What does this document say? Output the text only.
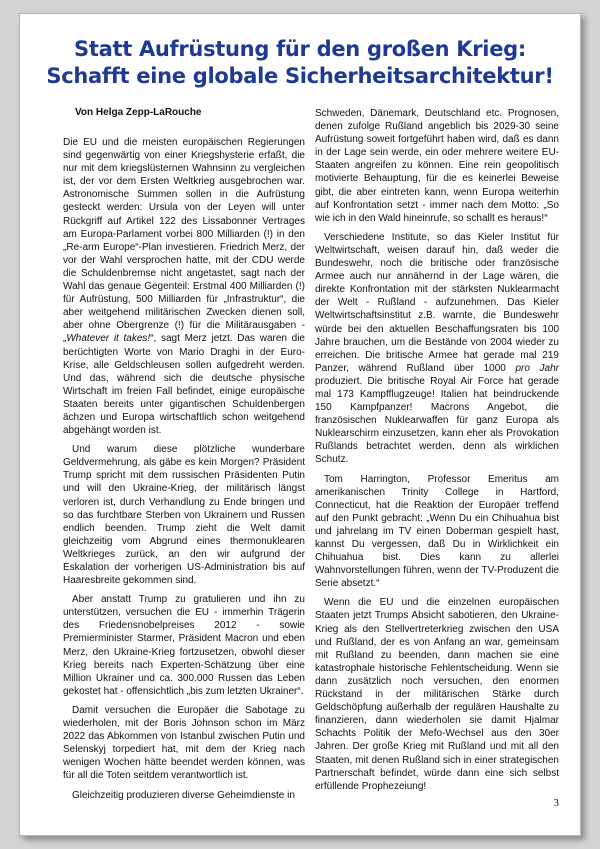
Statt Aufrüstung für den großen Krieg:
Schafft eine globale Sicherheitsarchitektur!

Von Helga Zepp-LaRouche

Die EU und die meisten europäischen Regierungen sind gegenwärtig von einer Kriegshysterie erfaßt, die nur mit dem kriegslüsternen Wahnsinn zu vergleichen ist, der vor dem Ersten Weltkrieg ausgebrochen war. Astronomische Summen sollen in die Aufrüstung gesteckt werden: Ursula von der Leyen will unter Rückgriff auf Artikel 122 des Lissabonner Vertrages am Europa-Parlament vorbei 800 Milliarden (!) in den „Re-arm Europe“-Plan investieren. Friedrich Merz, der vor der Wahl versprochen hatte, mit der CDU werde die Schuldenbremse nicht angetastet, sagt nach der Wahl das genaue Gegenteil: Erstmal 400 Milliarden (!) für Aufrüstung, 500 Milliarden für „Infrastruktur“, die aber weitgehend militärischen Zwecken dienen soll, aber ohne Obergrenze (!) für die Militärausgaben - „Whatever it takes!“, sagt Merz jetzt. Das waren die berüchtigten Worte von Mario Draghi in der Euro-Krise, alle Geldschleusen sollen aufgedreht werden. Und das, während sich die deutsche physische Wirtschaft im freien Fall befindet, einige europäische Staaten bereits unter gigantischen Schuldenbergen ächzen und Europa wirtschaftlich schon weitgehend abgehängt worden ist.

Und warum diese plötzliche wunderbare Geldvermehrung, als gäbe es kein Morgen? Präsident Trump spricht mit dem russischen Präsidenten Putin und will den Ukraine-Krieg, der militärisch längst verloren ist, durch Verhandlung zu Ende bringen und so das furchtbare Sterben von Ukrainern und Russen endlich beenden. Trump zieht die Welt damit gleichzeitig vom Abgrund eines thermonuklearen Weltkrieges zurück, an den wir aufgrund der Eskalation der vorherigen US-Administration bis auf Haaresbreite gekommen sind.

Aber anstatt Trump zu gratulieren und ihn zu unterstützen, versuchen die EU - immerhin Trägerin des Friedensnobelpreises 2012 - sowie Premierminister Starmer, Präsident Macron und eben Merz, den Ukraine-Krieg fortzusetzen, obwohl dieser Krieg bereits nach Experten-Schätzung über eine Million Ukrainer und ca. 300.000 Russen das Leben gekostet hat - offensichtlich „bis zum letzten Ukrainer“.

Damit versuchen die Europäer die Sabotage zu wiederholen, mit der Boris Johnson schon im März 2022 das Abkommen von Istanbul zwischen Putin und Selenskyj torpediert hat, mit dem der Krieg nach wenigen Wochen hätte beendet werden können, was für all die Toten seitdem verantwortlich ist.

Gleichzeitig produzieren diverse Geheimdienste in

Schweden, Dänemark, Deutschland etc. Prognosen, denen zufolge Rußland angeblich bis 2029-30 seine Aufrüstung soweit fortgeführt haben wird, daß es dann in der Lage sein werde, ein oder mehrere weitere EU-Staaten angreifen zu können. Eine rein geopolitisch motivierte Behauptung, für die es keinerlei Beweise gibt, die aber eintreten kann, wenn Europa weiterhin auf Konfrontation setzt - immer nach dem Motto: „So wie ich in den Wald hineinrufe, so schallt es heraus!“

Verschiedene Institute, so das Kieler Institut für Weltwirtschaft, weisen darauf hin, daß weder die Bundeswehr, noch die britische oder französische Armee auch nur annähernd in der Lage wären, die direkte Konfrontation mit der stärksten Nuklearmacht der Welt - Rußland - aufzunehmen. Das Kieler Weltwirtschaftsinstitut z.B. warnte, die Bundeswehr würde bei den aktuellen Beschaffungsraten bis 100 Jahre brauchen, um die Bestände von 2004 wieder zu erreichen. Die britische Armee hat gerade mal 219 Panzer, während Rußland über 1000 pro Jahr produziert. Die britische Royal Air Force hat gerade mal 173 Kampfflugzeuge! Italien hat beindruckende 150 Kampfpanzer! Macrons Angebot, die französischen Nuklearwaffen für ganz Europa als Nuklearschirm einzusetzen, kann eher als Provokation Rußlands betrachtet werden, denn als wirklichen Schutz.

Tom Harrington, Professor Emeritus am amerikanischen Trinity College in Hartford, Connecticut, hat die Reaktion der Europäer treffend auf den Punkt gebracht: „Wenn Du ein Chihuahua bist und jahrelang im TV einen Doberman gespielt hast, kannst Du vergessen, daß Du in Wirklichkeit ein Chihuahua bist. Dies kann zu allerlei Wahnvorstellungen führen, wenn der TV-Produzent die Serie absetzt.“

Wenn die EU und die einzelnen europäischen Staaten jetzt Trumps Absicht sabotieren, den Ukraine-Krieg als den Stellvertreterkrieg zwischen den USA und Rußland, der es von Anfang an war, gemeinsam mit Rußland zu beenden, dann machen sie eine katastrophale historische Fehlentscheidung. Wenn sie dann zusätzlich noch versuchen, den enormen Rückstand in der militärischen Stärke durch Geldschöpfung außerhalb der regulären Haushalte zu finanzieren, dann wiederholen sie damit Hjalmar Schachts Politik der Mefo-Wechsel aus den 30er Jahren. Der große Krieg mit Rußland und mit all den Staaten, mit denen Rußland sich in einer strategischen Partnerschaft befindet, würde dann eine sich selbst erfüllende Prophezeiung!

3
